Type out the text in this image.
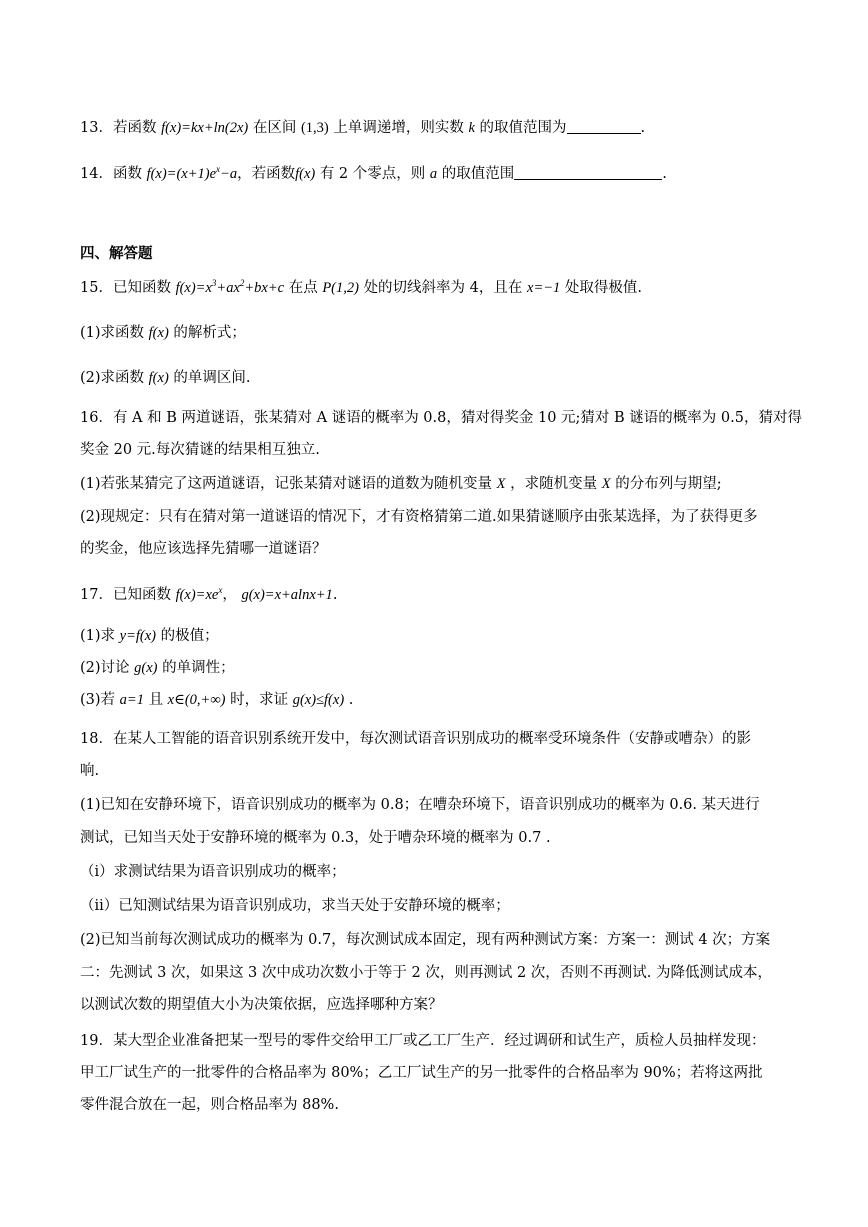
13．若函数 f(x)=kx+ln(2x) 在区间 (1,3) 上单调递增，则实数 k 的取值范围为	.
14．函数 $f(x)=(x+1)e^x-a$，若函数f(x) 有 2 个零点，则 a 的取值范围	.
四、解答题
15．已知函数 $f(x)=x^3+ax^2+bx+c$ 在点 P(1,2) 处的切线斜率为 4，且在 x=−1 处取得极值.
(1)求函数 f(x) 的解析式；
(2)求函数 f(x) 的单调区间.
16．有 A 和 B 两道谜语，张某猜对 A 谜语的概率为 0.8，猜对得奖金 10 元;猜对 B 谜语的概率为 0.5，猜对得
奖金 20 元.每次猜谜的结果相互独立.
(1)若张某猜完了这两道谜语，记张某猜对谜语的道数为随机变量 X ，求随机变量 X 的分布列与期望;
(2)现规定：只有在猜对第一道谜语的情况下，才有资格猜第二道.如果猜谜顺序由张某选择，为了获得更多
的奖金，他应该选择先猜哪一道谜语？
17．已知函数 $f(x)=xe^x$， g(x)=x+alnx+1.
(1)求 y=f(x) 的极值；
(2)讨论 g(x) 的单调性；
(3)若 a=1 且 x∈(0,+∞) 时，求证 g(x)≤f(x) .
18．在某人工智能的语音识别系统开发中，每次测试语音识别成功的概率受环境条件（安静或嘈杂）的影
响.
(1)已知在安静环境下，语音识别成功的概率为 0.8；在嘈杂环境下，语音识别成功的概率为 0.6. 某天进行
测试，已知当天处于安静环境的概率为 0.3，处于嘈杂环境的概率为 0.7 .
（i）求测试结果为语音识别成功的概率；
（ii）已知测试结果为语音识别成功，求当天处于安静环境的概率；
(2)已知当前每次测试成功的概率为 0.7，每次测试成本固定，现有两种测试方案：方案一：测试 4 次；方案
二：先测试 3 次，如果这 3 次中成功次数小于等于 2 次，则再测试 2 次，否则不再测试. 为降低测试成本，
以测试次数的期望值大小为决策依据，应选择哪种方案？
19．某大型企业准备把某一型号的零件交给甲工厂或乙工厂生产．经过调研和试生产，质检人员抽样发现：
甲工厂试生产的一批零件的合格品率为 80%；乙工厂试生产的另一批零件的合格品率为 90%；若将这两批
零件混合放在一起，则合格品率为 88%.
